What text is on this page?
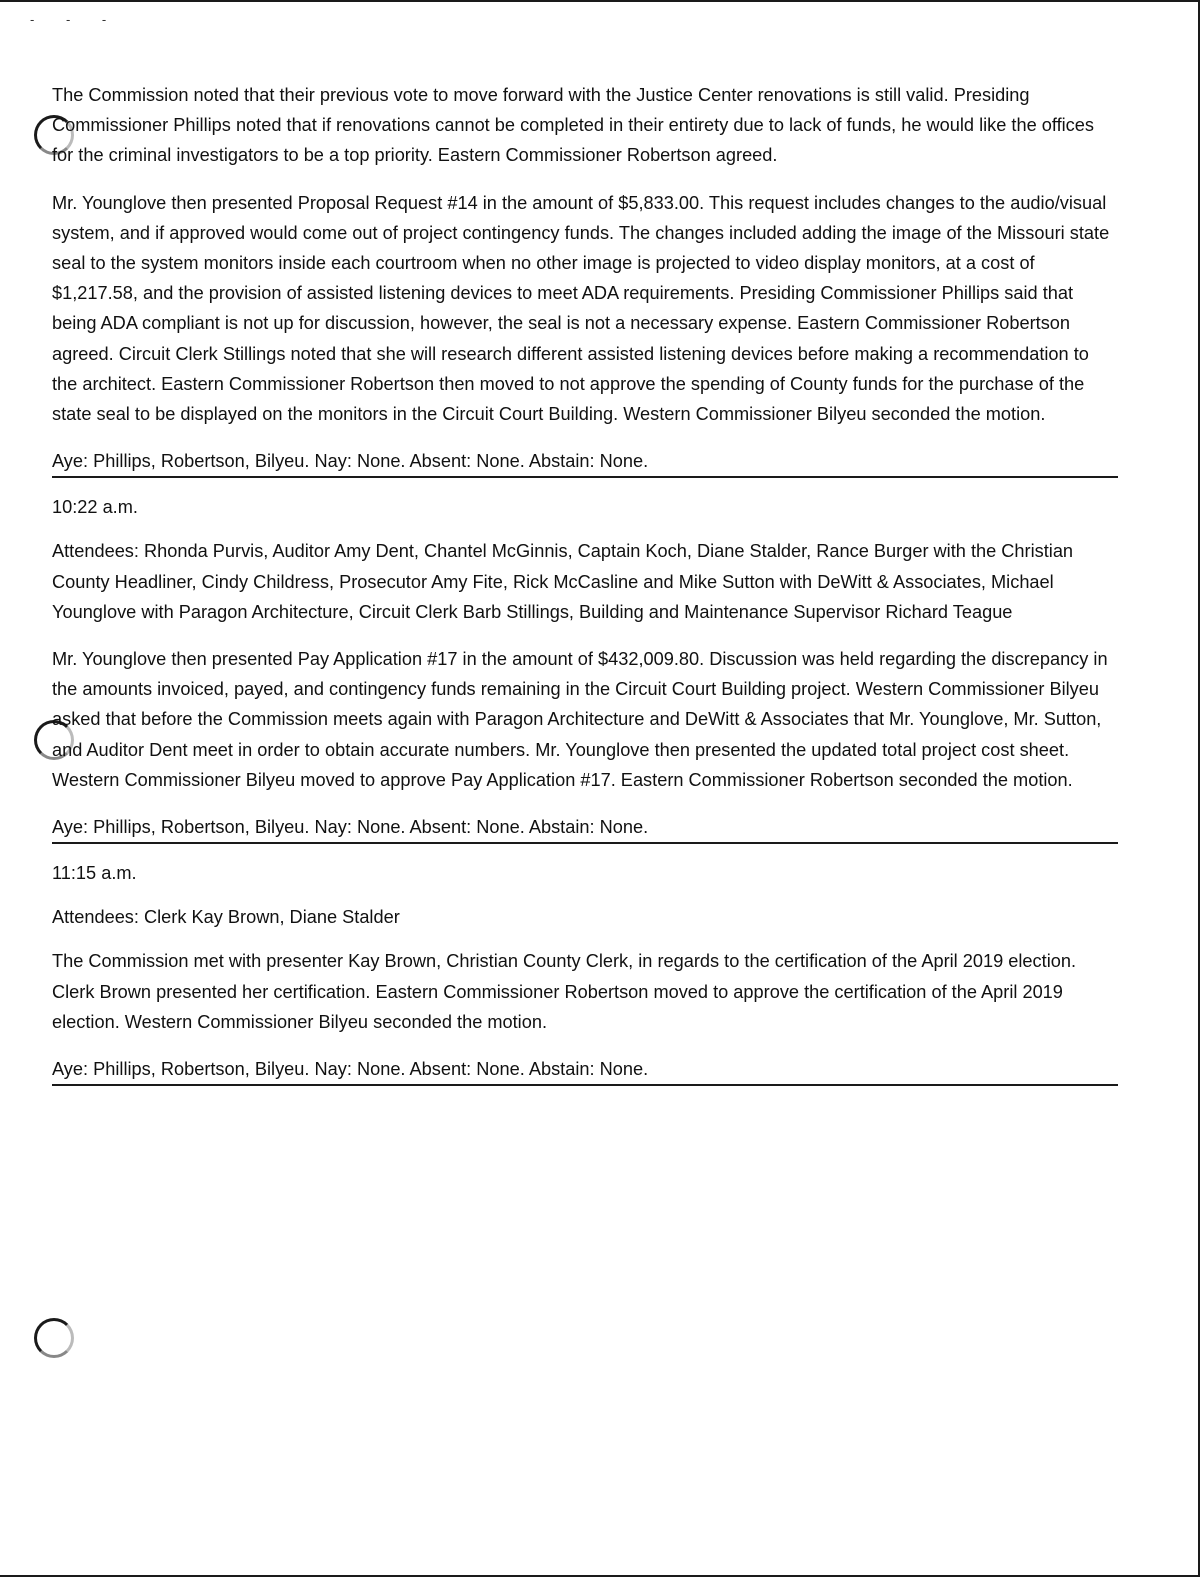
- - -

The Commission noted that their previous vote to move forward with the Justice Center renovations is still valid. Presiding Commissioner Phillips noted that if renovations cannot be completed in their entirety due to lack of funds, he would like the offices for the criminal investigators to be a top priority. Eastern Commissioner Robertson agreed.

Mr. Younglove then presented Proposal Request #14 in the amount of $5,833.00. This request includes changes to the audio/visual system, and if approved would come out of project contingency funds. The changes included adding the image of the Missouri state seal to the system monitors inside each courtroom when no other image is projected to video display monitors, at a cost of $1,217.58, and the provision of assisted listening devices to meet ADA requirements. Presiding Commissioner Phillips said that being ADA compliant is not up for discussion, however, the seal is not a necessary expense. Eastern Commissioner Robertson agreed. Circuit Clerk Stillings noted that she will research different assisted listening devices before making a recommendation to the architect. Eastern Commissioner Robertson then moved to not approve the spending of County funds for the purchase of the state seal to be displayed on the monitors in the Circuit Court Building. Western Commissioner Bilyeu seconded the motion.

Aye: Phillips, Robertson, Bilyeu. Nay: None. Absent: None. Abstain: None.

10:22 a.m.

Attendees: Rhonda Purvis, Auditor Amy Dent, Chantel McGinnis, Captain Koch, Diane Stalder, Rance Burger with the Christian County Headliner, Cindy Childress, Prosecutor Amy Fite, Rick McCasline and Mike Sutton with DeWitt & Associates, Michael Younglove with Paragon Architecture, Circuit Clerk Barb Stillings, Building and Maintenance Supervisor Richard Teague

Mr. Younglove then presented Pay Application #17 in the amount of $432,009.80. Discussion was held regarding the discrepancy in the amounts invoiced, payed, and contingency funds remaining in the Circuit Court Building project. Western Commissioner Bilyeu asked that before the Commission meets again with Paragon Architecture and DeWitt & Associates that Mr. Younglove, Mr. Sutton, and Auditor Dent meet in order to obtain accurate numbers. Mr. Younglove then presented the updated total project cost sheet. Western Commissioner Bilyeu moved to approve Pay Application #17. Eastern Commissioner Robertson seconded the motion.

Aye: Phillips, Robertson, Bilyeu. Nay: None. Absent: None. Abstain: None.

11:15 a.m.

Attendees: Clerk Kay Brown, Diane Stalder

The Commission met with presenter Kay Brown, Christian County Clerk, in regards to the certification of the April 2019 election. Clerk Brown presented her certification. Eastern Commissioner Robertson moved to approve the certification of the April 2019 election. Western Commissioner Bilyeu seconded the motion.

Aye: Phillips, Robertson, Bilyeu. Nay: None. Absent: None. Abstain: None.
